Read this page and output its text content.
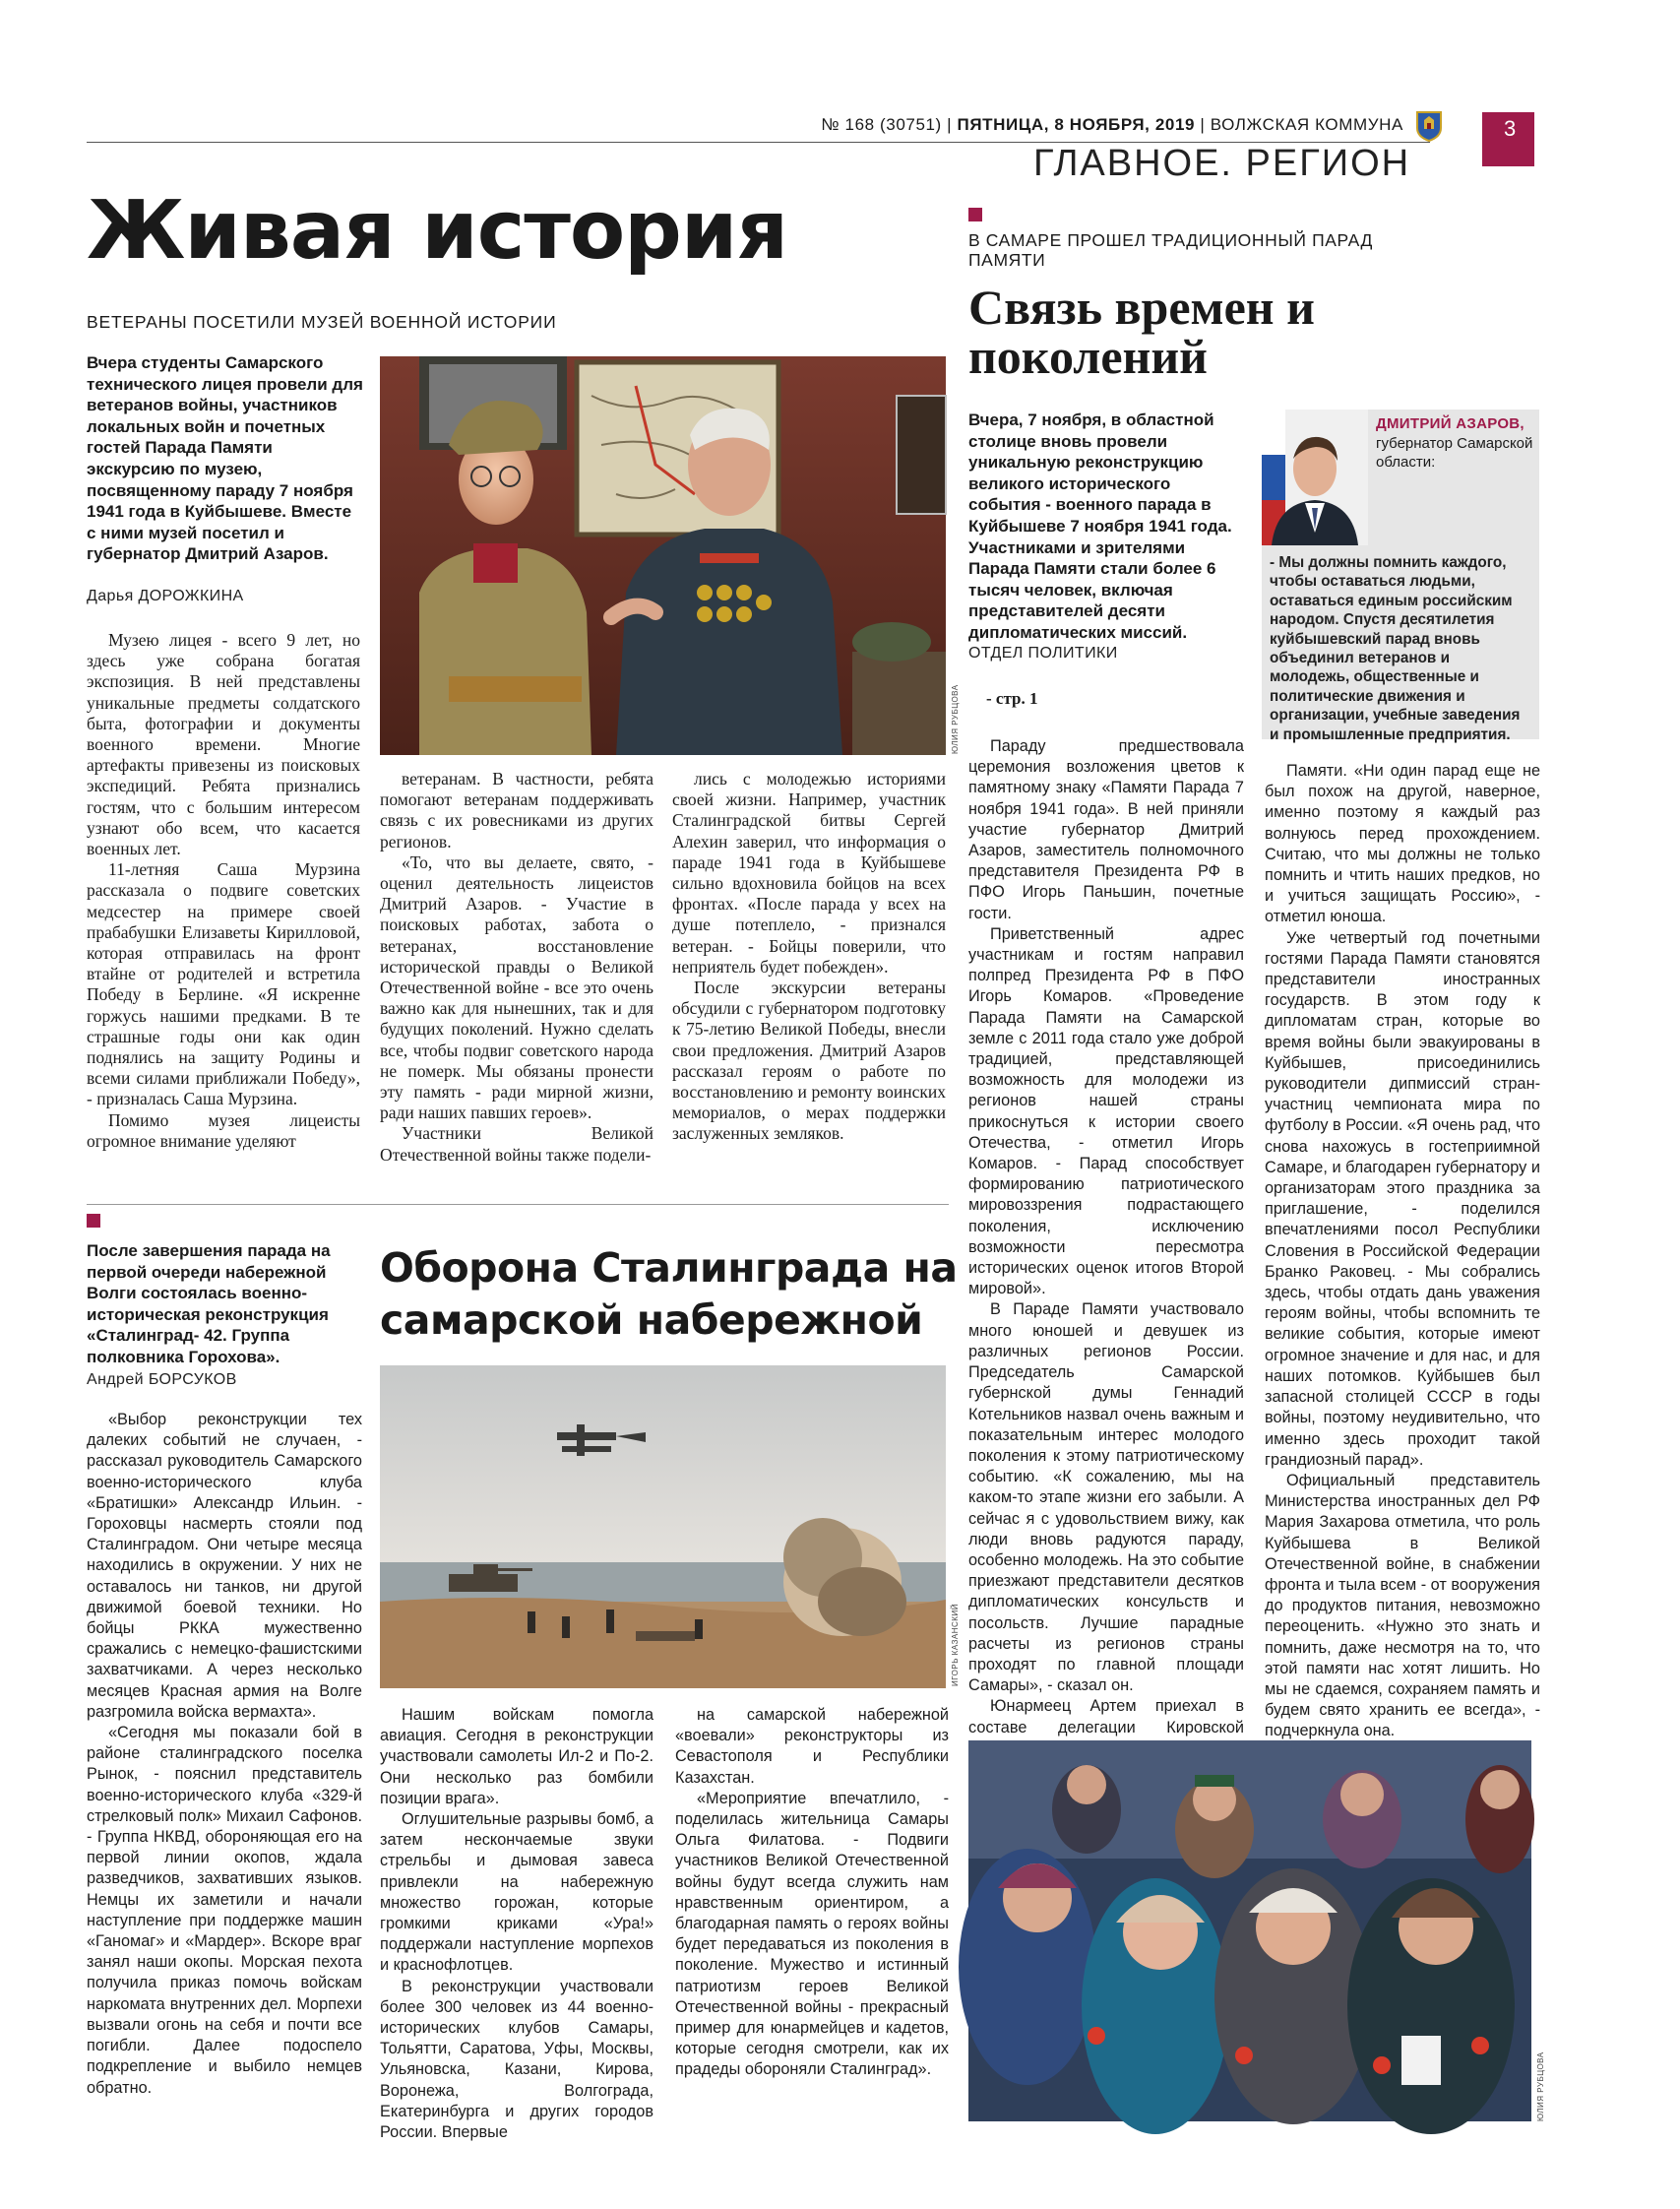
№ 168 (30751) | ПЯТНИЦА, 8 НОЯБРЯ, 2019 | ВОЛЖСКАЯ КОММУНА	3
ГЛАВНОЕ. РЕГИОН
Живая история
ВЕТЕРАНЫ ПОСЕТИЛИ МУЗЕЙ ВОЕННОЙ ИСТОРИИ
Вчера студенты Самарского технического лицея провели для ветеранов войны, участников локальных войн и почетных гостей Парада Памяти экскурсию по музею, посвященному параду 7 ноября 1941 года в Куйбышеве. Вместе с ними музей посетил и губернатор Дмитрий Азаров.
Дарья ДОРОЖКИНА
ЮЛИЯ РУБЦОВА

Музею лицея - всего 9 лет, но здесь уже собрана богатая экспозиция. В ней представлены уникальные предметы солдатского быта, фотографии и документы военного времени. Многие артефакты привезены из поисковых экспедиций. Ребята признались гостям, что с большим интересом узнают обо всем, что касается военных лет.

11-летняя Саша Мурзина рассказала о подвиге советских медсестер на примере своей прабабушки Елизаветы Кирилловой, которая отправилась на фронт втайне от родителей и встретила Победу в Берлине. «Я искренне горжусь нашими предками. В те страшные годы они как один поднялись на защиту Родины и всеми силами приближали Победу», - призналась Саша Мурзина.

Помимо музея лицеисты огромное внимание уделяют

ветеранам. В частности, ребята помогают ветеранам поддерживать связь с их ровесниками из других регионов.

«То, что вы делаете, свято, - оценил деятельность лицеистов Дмитрий Азаров. - Участие в поисковых работах, забота о ветеранах, восстановление исторической правды о Великой Отечественной войне - все это очень важно как для нынешних, так и для будущих поколений. Нужно сделать все, чтобы подвиг советского народа не померк. Мы обязаны пронести эту память - ради мирной жизни, ради наших павших героев».

Участники Великой Отечественной войны также подели-

лись с молодежью историями своей жизни. Например, участник Сталинградской битвы Сергей Алехин заверил, что информация о параде 1941 года в Куйбышеве сильно вдохновила бойцов на всех фронтах. «После парада у всех на душе потеплело, - признался ветеран. - Бойцы поверили, что неприятель будет побежден».

После экскурсии ветераны обсудили с губернатором подготовку к 75-летию Великой Победы, внесли свои предложения. Дмитрий Азаров рассказал героям о работе по восстановлению и ремонту воинских мемориалов, о мерах поддержки заслуженных земляков.

В САМАРЕ ПРОШЕЛ ТРАДИЦИОННЫЙ ПАРАД ПАМЯТИ
Связь времен и поколений
Вчера, 7 ноября, в областной столице вновь провели уникальную реконструкцию великого исторического события - военного парада в Куйбышеве 7 ноября 1941 года. Участниками и зрителями Парада Памяти стали более 6 тысяч человек, включая представителей десяти дипломатических миссий.
ОТДЕЛ ПОЛИТИКИ
- стр. 1
ДМИТРИЙ АЗАРОВ,
губернатор Самарской области:
- Мы должны помнить каждого, чтобы оставаться людьми, оставаться единым российским народом. Спустя десятилетия куйбышевский парад вновь объединил ветеранов и молодежь, общественные и политические движения и организации, учебные заведения и промышленные предприятия.

Параду предшествовала церемония возложения цветов к памятному знаку «Памяти Парада 7 ноября 1941 года». В ней приняли участие губернатор Дмитрий Азаров, заместитель полномочного представителя Президента РФ в ПФО Игорь Паньшин, почетные гости.

Приветственный адрес участникам и гостям направил полпред Президента РФ в ПФО Игорь Комаров. «Проведение Парада Памяти на Самарской земле с 2011 года стало уже доброй традицией, представляющей возможность для молодежи из регионов нашей страны прикоснуться к истории своего Отечества, - отметил Игорь Комаров. - Парад способствует формированию патриотического мировоззрения подрастающего поколения, исключению возможности пересмотра исторических оценок итогов Второй мировой».

В Параде Памяти участвовало много юношей и девушек из различных регионов России. Председатель Самарской губернской думы Геннадий Котельников назвал очень важным и показательным интерес молодого поколения к этому патриотическому событию. «К сожалению, мы на каком-то этапе жизни его забыли. А сейчас я с удовольствием вижу, как люди вновь радуются параду, особенно молодежь. На это событие приезжают представители десятков дипломатических консульств и посольств. Лучшие парадные расчеты из регионов страны проходят по главной площади Самары», - сказал он.

Юнармеец Артем приехал в составе делегации Кировской

Памяти. «Ни один парад еще не был похож на другой, наверное, именно поэтому я каждый раз волнуюсь перед прохождением. Считаю, что мы должны не только помнить и чтить наших предков, но и учиться защищать Россию», - отметил юноша.

Уже четвертый год почетными гостями Парада Памяти становятся представители иностранных государств. В этом году к дипломатам стран, которые во время войны были эвакуированы в Куйбышев, присоединились руководители дипмиссий стран-участниц чемпионата мира по футболу в России. «Я очень рад, что снова нахожусь в гостеприимной Самаре, и благодарен губернатору и организаторам этого праздника за приглашение, - поделился впечатлениями посол Республики Словения в Российской Федерации Бранко Раковец. - Мы собрались здесь, чтобы отдать дань уважения героям войны, чтобы вспомнить те великие события, которые имеют огромное значение и для нас, и для наших потомков. Куйбышев был запасной столицей СССР в годы войны, поэтому неудивительно, что именно здесь проходит такой грандиозный парад».

Официальный представитель Министерства иностранных дел РФ Мария Захарова отметила, что роль Куйбышева в Великой Отечественной войне, в снабжении фронта и тыла всем - от вооружения до продуктов питания, невозможно переоценить. «Нужно это знать и помнить, даже несмотря на то, что этой памяти нас хотят лишить. Но мы не сдаемся, сохраняем память и будем свято хранить ее всегда», - подчеркнула она.

ЮЛИЯ РУБЦОВА
После завершения парада на первой очереди набережной Волги состоялась военно-историческая реконструкция «Сталинград- 42. Группа полковника Горохова».
Андрей БОРСУКОВ
Оборона Сталинграда на самарской набережной
ИГОРЬ КАЗАНСКИЙ

«Выбор реконструкции тех далеких событий не случаен, - рассказал руководитель Самарского военно-исторического клуба «Братишки» Александр Ильин. - Гороховцы насмерть стояли под Сталинградом. Они четыре месяца находились в окружении. У них не оставалось ни танков, ни другой движимой боевой техники. Но бойцы РККА мужественно сражались с немецко-фашистскими захватчиками. А через несколько месяцев Красная армия на Волге разгромила войска вермахта».

«Сегодня мы показали бой в районе сталинградского поселка Рынок, - пояснил представитель военно-исторического клуба «329-й стрелковый полк» Михаил Сафонов. - Группа НКВД, обороняющая его на первой линии окопов, ждала разведчиков, захвативших языков. Немцы их заметили и начали наступление при поддержке машин «Ганомаг» и «Мардер». Вскоре враг занял наши окопы. Морская пехота получила приказ помочь войскам наркомата внутренних дел. Морпехи вызвали огонь на себя и почти все погибли. Далее подоспело подкрепление и выбило немцев обратно.

Нашим войскам помогла авиация. Сегодня в реконструкции участвовали самолеты Ил-2 и По-2. Они несколько раз бомбили позиции врага».

Оглушительные разрывы бомб, а затем нескончаемые звуки стрельбы и дымовая завеса привлекли на набережную множество горожан, которые громкими криками «Ура!» поддержали наступление морпехов и краснофлотцев.

В реконструкции участвовали более 300 человек из 44 военно-исторических клубов Самары, Тольятти, Саратова, Уфы, Москвы, Ульяновска, Казани, Кирова, Воронежа, Волгограда, Екатеринбурга и других городов России. Впервые

на самарской набережной «воевали» реконструкторы из Севастополя и Республики Казахстан.

«Мероприятие впечатлило, - поделилась жительница Самары Ольга Филатова. - Подвиги участников Великой Отечественной войны будут всегда служить нам нравственным ориентиром, а благодарная память о героях войны будет передаваться из поколения в поколение. Мужество и истинный патриотизм героев Великой Отечественной войны - прекрасный пример для юнармейцев и кадетов, которые сегодня смотрели, как их прадеды обороняли Сталинград».
